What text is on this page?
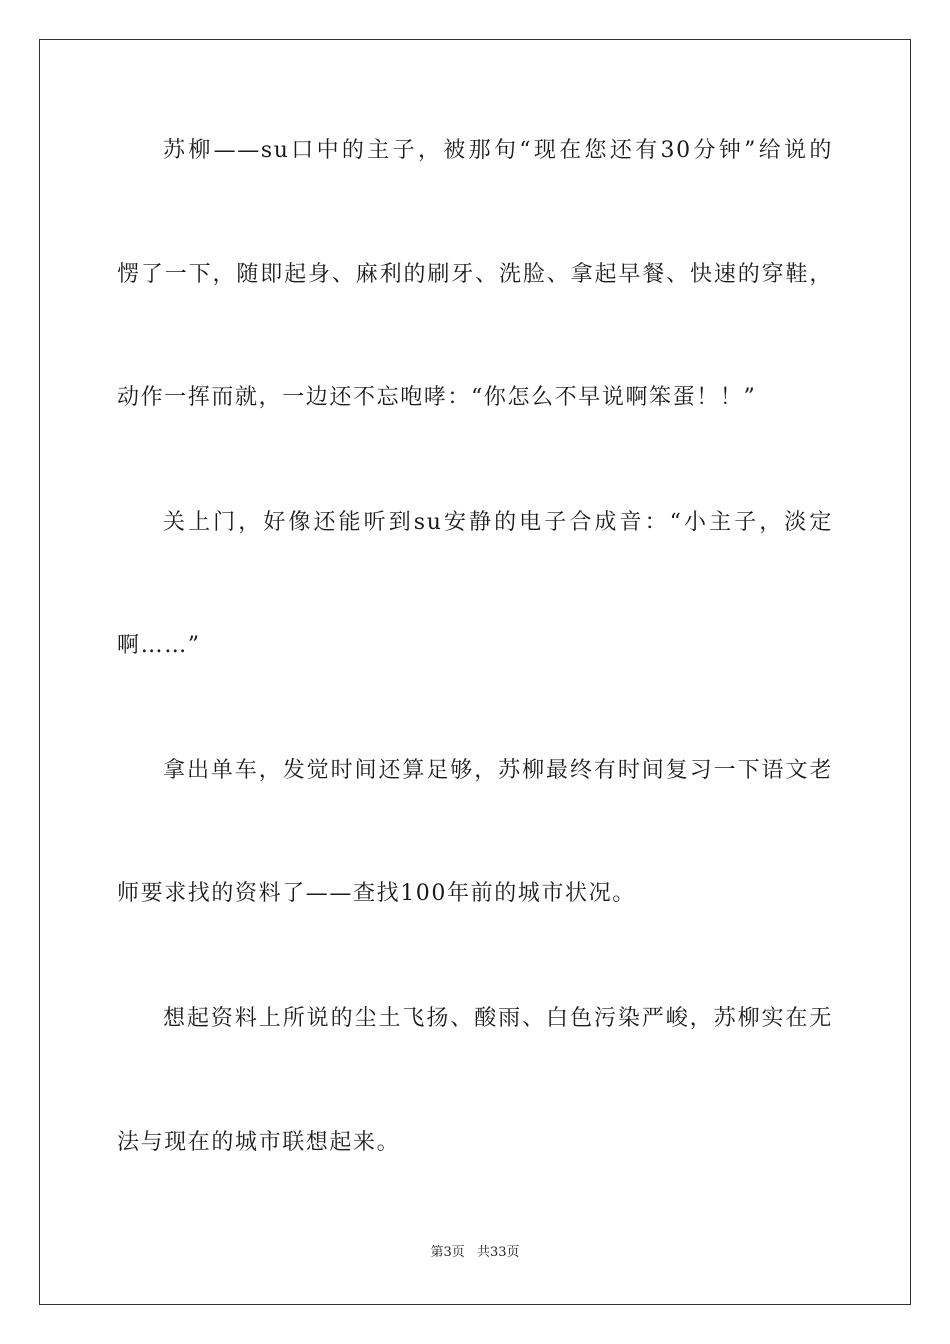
苏柳——su口中的主子，被那句“现在您还有30分钟”给说的
愣了一下，随即起身、麻利的刷牙、洗脸、拿起早餐、快速的穿鞋，
动作一挥而就，一边还不忘咆哮：“你怎么不早说啊笨蛋！！”
关上门，好像还能听到su安静的电子合成音：“小主子，淡定
啊……”
拿出单车，发觉时间还算足够，苏柳最终有时间复习一下语文老
师要求找的资料了——查找100年前的城市状况。
想起资料上所说的尘土飞扬、酸雨、白色污染严峻，苏柳实在无
法与现在的城市联想起来。
第3页 共33页
